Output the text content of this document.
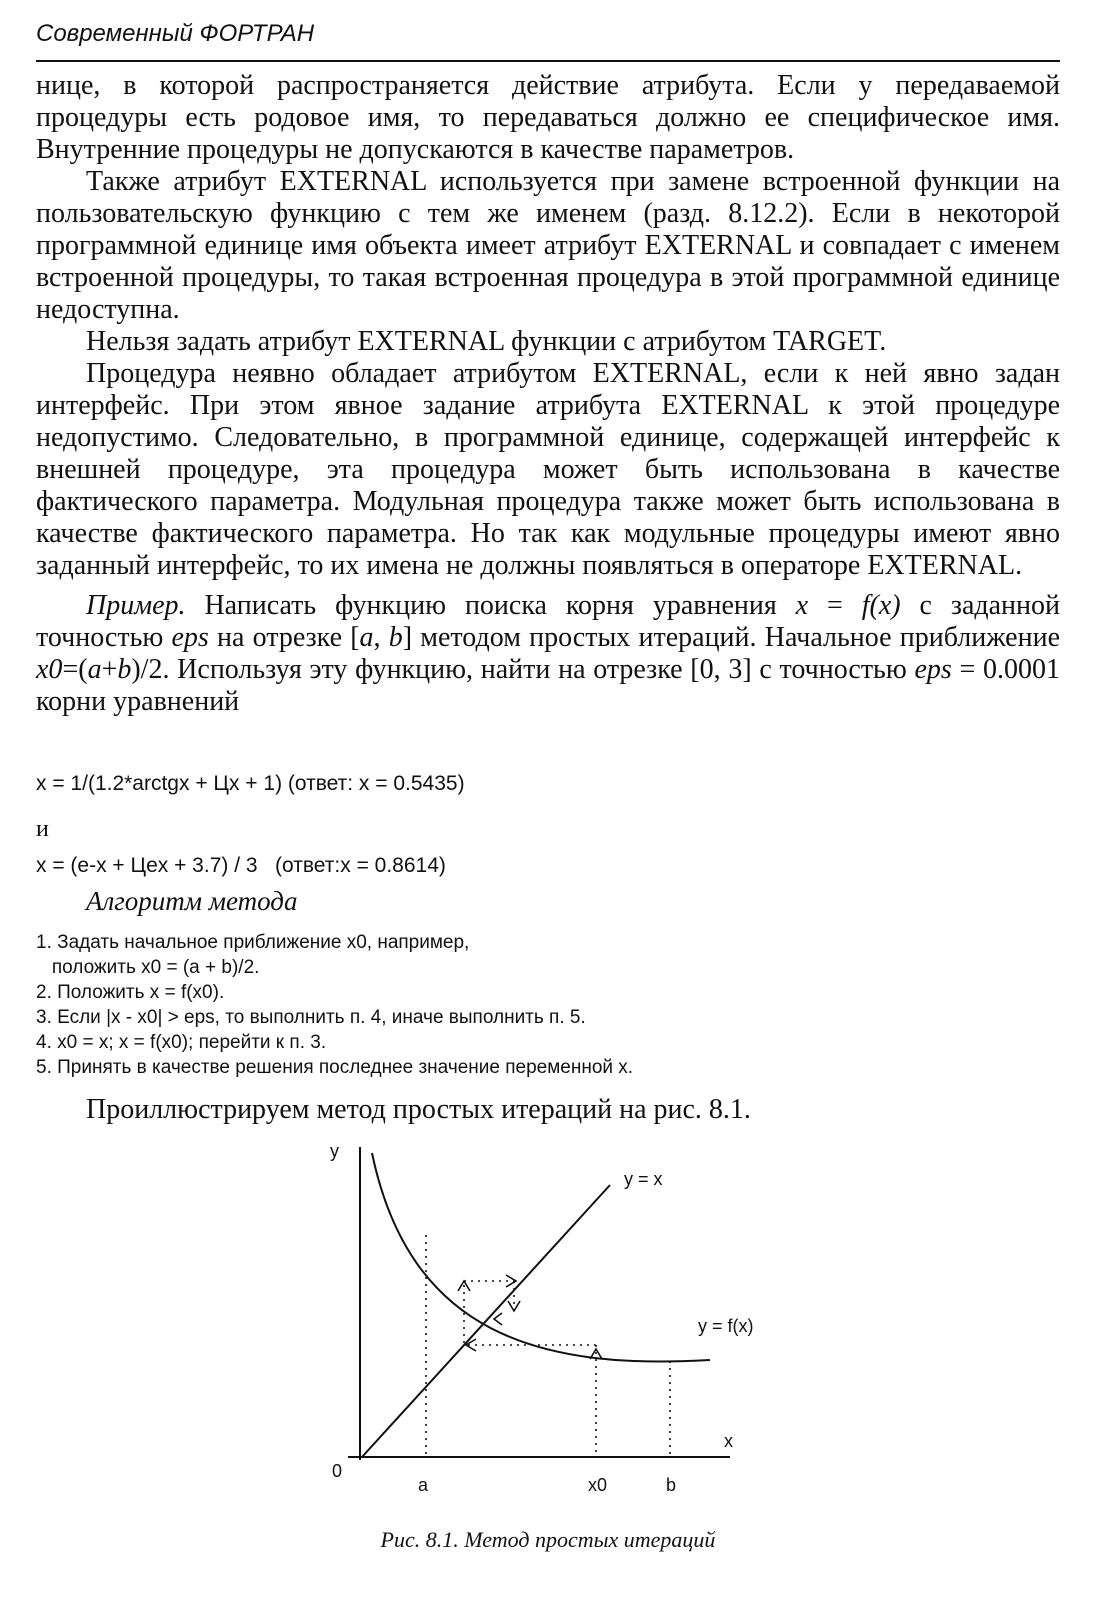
Современный ФОРТРАН

нице, в которой распространяется действие атрибута. Если у передаваемой процедуры есть родовое имя, то передаваться должно ее специфическое имя. Внутренние процедуры не допускаются в качестве параметров.

Также атрибут EXTERNAL используется при замене встроенной функции на пользовательскую функцию с тем же именем (разд. 8.12.2). Если в некоторой программной единице имя объекта имеет атрибут EXTERNAL и совпадает с именем встроенной процедуры, то такая встроенная процедура в этой программной единице недоступна.

Нельзя задать атрибут EXTERNAL функции с атрибутом TARGET.

Процедура неявно обладает атрибутом EXTERNAL, если к ней явно задан интерфейс. При этом явное задание атрибута EXTERNAL к этой процедуре недопустимо. Следовательно, в программной единице, содержащей интерфейс к внешней процедуре, эта процедура может быть использована в качестве фактического параметра. Модульная процедура также может быть использована в качестве фактического параметра. Но так как модульные процедуры имеют явно заданный интерфейс, то их имена не должны появляться в операторе EXTERNAL.

Пример. Написать функцию поиска корня уравнения x = f(x) с заданной точностью eps на отрезке [a, b] методом простых итераций. Начальное приближение x0=(a+b)/2. Используя эту функцию, найти на отрезке [0, 3] с точностью eps = 0.0001 корни уравнений

x = 1/(1.2*arctgx + Цx + 1) (ответ: x = 0.5435)
и
x = (e-x + Цex + 3.7) / 3   (ответ:x = 0.8614)
Алгоритм метода
1. Задать начальное приближение x0, например,
положить x0 = (a + b)/2.
2. Положить x = f(x0).
3. Если |x - x0| > eps, то выполнить п. 4, иначе выполнить п. 5.
4. x0 = x; x = f(x0); перейти к п. 3.
5. Принять в качестве решения последнее значение переменной x.
Проиллюстрируем метод простых итераций на рис. 8.1.
y
x
0
y = x
y = f(x)
a	x0	b
Рис. 8.1. Метод простых итераций
